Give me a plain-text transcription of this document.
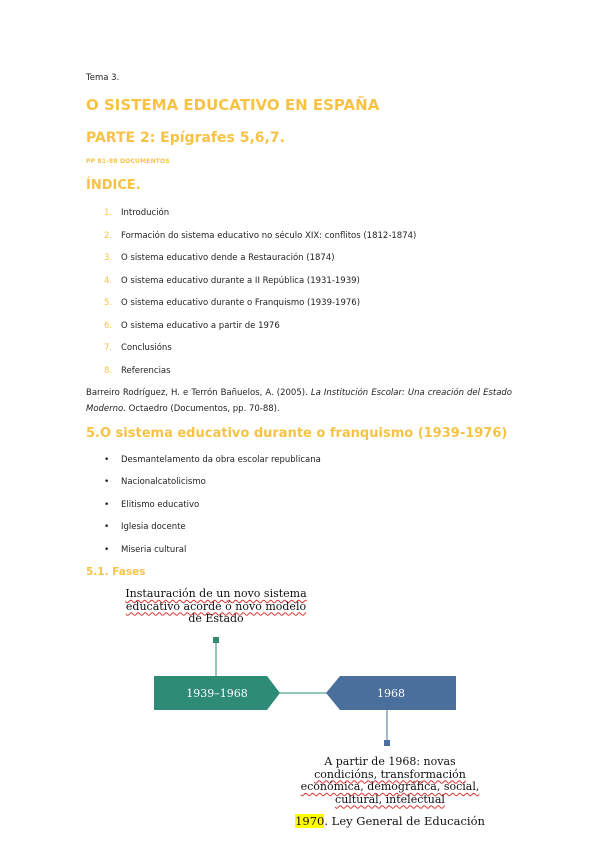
Tema 3.
O SISTEMA EDUCATIVO EN ESPAÑA
PARTE 2: Epígrafes 5,6,7.
PP 81-88 DOCUMENTOS
ÍNDICE.
1. Introdución
2. Formación do sistema educativo no século XIX: conflitos (1812-1874)
3. O sistema educativo dende a Restauración (1874)
4. O sistema educativo durante a II República (1931-1939)
5. O sistema educativo durante o Franquismo (1939-1976)
6. O sistema educativo a partir de 1976
7. Conclusións
8. Referencias
Barreiro Rodríguez, H. e Terrón Bañuelos, A. (2005). La Institución Escolar: Una creación del Estado Moderno. Octaedro (Documentos, pp. 70-88).
5.O sistema educativo durante o franquismo (1939-1976)
• Desmantelamento da obra escolar republicana
• Nacionalcatolicismo
• Elitismo educativo
• Iglesia docente
• Miseria cultural
5.1. Fases
Instauración de un novo sistema
educativo acorde ó novo modelo
de Estado
1939–1968	1968
A partir de 1968: novas
condicións, transformación
económica, demográfica, social,
cultural, intelectual
1970. Ley General de Educación
